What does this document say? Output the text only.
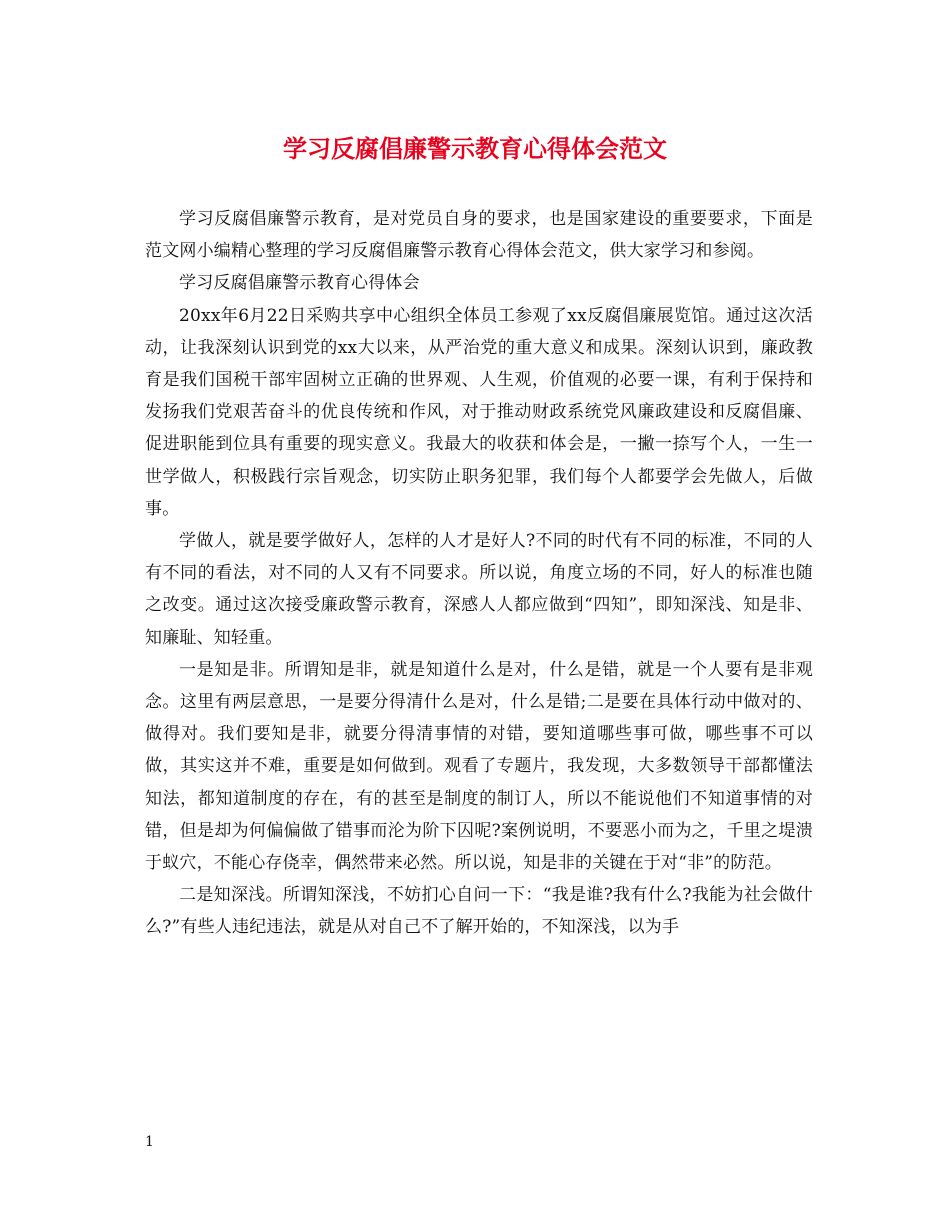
学习反腐倡廉警示教育心得体会范文

学习反腐倡廉警示教育，是对党员自身的要求，也是国家建设的重要要求，下面是范文网小编精心整理的学习反腐倡廉警示教育心得体会范文，供大家学习和参阅。

学习反腐倡廉警示教育心得体会

20xx年6月22日采购共享中心组织全体员工参观了xx反腐倡廉展览馆。通过这次活动，让我深刻认识到党的xx大以来，从严治党的重大意义和成果。深刻认识到，廉政教育是我们国税干部牢固树立正确的世界观、人生观，价值观的必要一课，有利于保持和发扬我们党艰苦奋斗的优良传统和作风，对于推动财政系统党风廉政建设和反腐倡廉、促进职能到位具有重要的现实意义。我最大的收获和体会是，一撇一捺写个人，一生一世学做人，积极践行宗旨观念，切实防止职务犯罪，我们每个人都要学会先做人，后做事。

学做人，就是要学做好人，怎样的人才是好人?不同的时代有不同的标准，不同的人有不同的看法，对不同的人又有不同要求。所以说，角度立场的不同，好人的标准也随之改变。通过这次接受廉政警示教育，深感人人都应做到“四知”，即知深浅、知是非、知廉耻、知轻重。

一是知是非。所谓知是非，就是知道什么是对，什么是错，就是一个人要有是非观念。这里有两层意思，一是要分得清什么是对，什么是错;二是要在具体行动中做对的、做得对。我们要知是非，就要分得清事情的对错，要知道哪些事可做，哪些事不可以做，其实这并不难，重要是如何做到。观看了专题片，我发现，大多数领导干部都懂法知法，都知道制度的存在，有的甚至是制度的制订人，所以不能说他们不知道事情的对错，但是却为何偏偏做了错事而沦为阶下囚呢?案例说明，不要恶小而为之，千里之堤溃于蚁穴，不能心存侥幸，偶然带来必然。所以说，知是非的关键在于对“非”的防范。

二是知深浅。所谓知深浅，不妨扪心自问一下：“我是谁?我有什么?我能为社会做什么?”有些人违纪违法，就是从对自己不了解开始的，不知深浅，以为手

1
